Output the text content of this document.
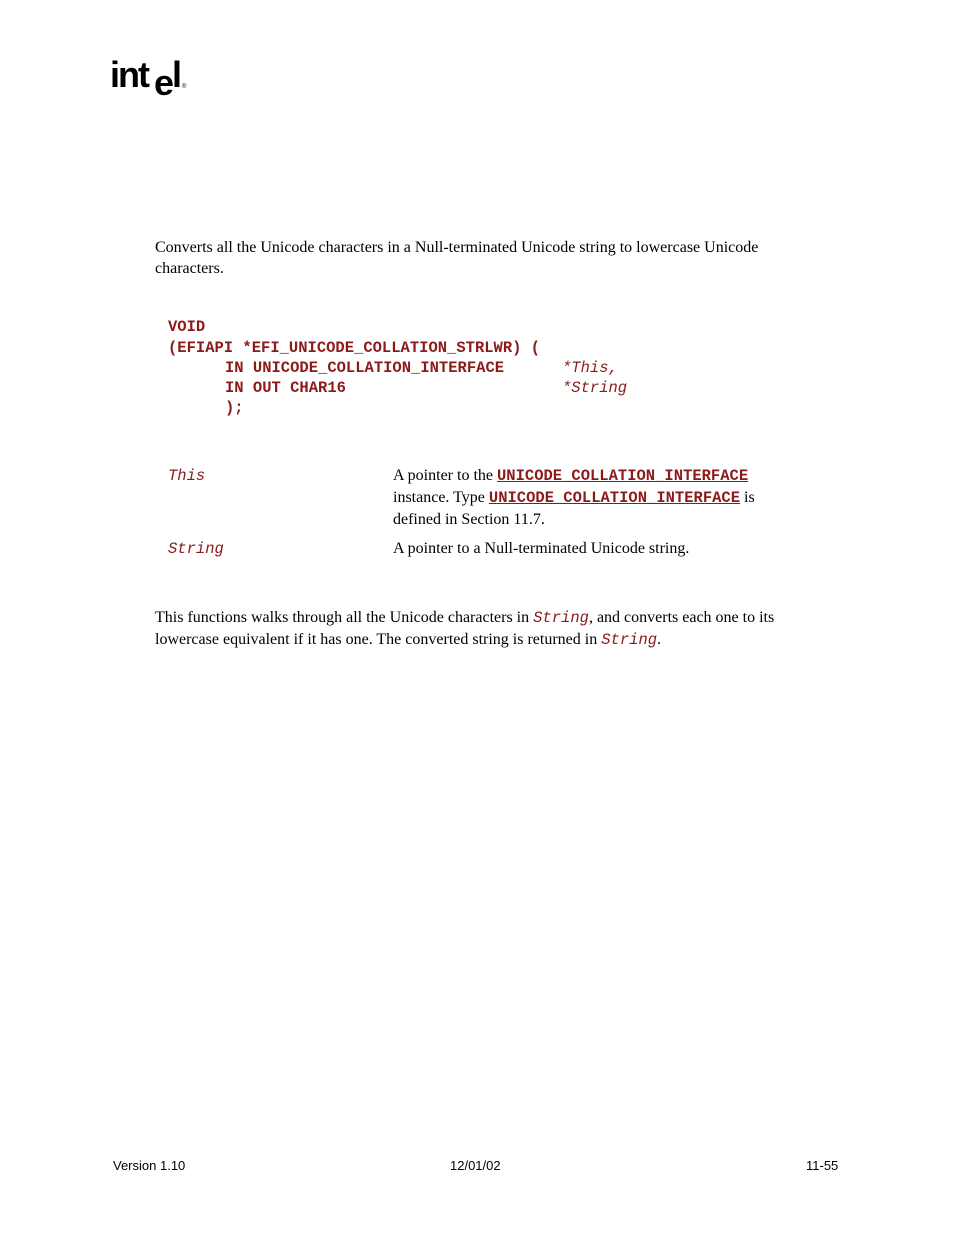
int e l ®
Converts all the Unicode characters in a Null-terminated Unicode string to lowercase Unicode
characters.
VOID
(EFIAPI *EFI_UNICODE_COLLATION_STRLWR) (
IN UNICODE_COLLATION_INTERFACE	*This,
IN OUT CHAR16	*String
);
This	A pointer to the UNICODE_COLLATION_INTERFACE
instance. Type UNICODE_COLLATION_INTERFACE is
defined in Section 11.7.
String	A pointer to a Null-terminated Unicode string.
This functions walks through all the Unicode characters in String, and converts each one to its
lowercase equivalent if it has one. The converted string is returned in String.
Version 1.10	12/01/02	11-55
